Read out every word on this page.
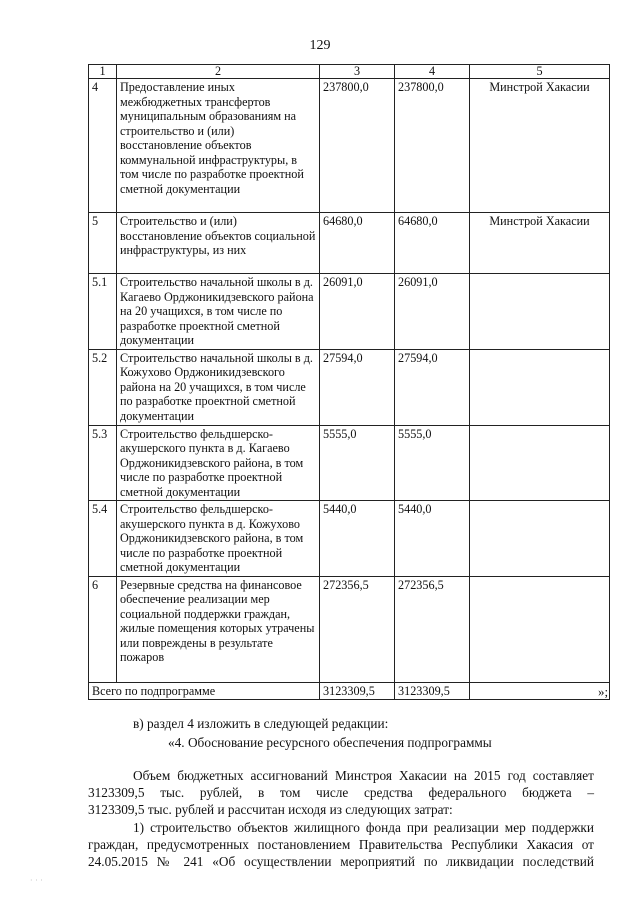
129
1	2	3	4	5
4	Предоставление иных межбюджетных трансфертов муниципальным образованиям на строительство и (или) восстановление объектов коммунальной инфраструктуры, в том числе по разработке проектной сметной документации	237800,0	237800,0	Минстрой Хакасии
5	Строительство и (или) восстановление объектов социальной инфраструктуры, из них	64680,0	64680,0	Минстрой Хакасии
5.1	Строительство начальной школы в д. Кагаево Орджоникидзевского района на 20 учащихся, в том числе по разработке проектной сметной документации	26091,0	26091,0	
5.2	Строительство начальной школы в д. Кожухово Орджоникидзевского района на 20 учащихся, в том числе по разработке проектной сметной документации	27594,0	27594,0	
5.3	Строительство фельдшерско-акушерского пункта в д. Кагаево Орджоникидзевского района, в том числе по разработке проектной сметной документации	5555,0	5555,0	
5.4	Строительство фельдшерско-акушерского пункта в д. Кожухово Орджоникидзевского района, в том числе по разработке проектной сметной документации	5440,0	5440,0	
6	Резервные средства на финансовое обеспечение реализации мер социальной поддержки граждан, жилые помещения которых утрачены или повреждены в результате пожаров	272356,5	272356,5	
Всего по подпрограмме		3123309,5	3123309,5		»;
в) раздел 4 изложить в следующей редакции:
«4. Обоснование ресурсного обеспечения подпрограммы
Объем бюджетных ассигнований Минстроя Хакасии на 2015 год составляет
3123309,5 тыс. рублей, в том числе средства федерального бюджета –
3123309,5 тыс. рублей и рассчитан исходя из следующих затрат:
1) строительство объектов жилищного фонда при реализации мер поддержки
граждан, предусмотренных постановлением Правительства Республики Хакасия от
24.05.2015 № 241 «Об осуществлении мероприятий по ликвидации последствий
· · ·
